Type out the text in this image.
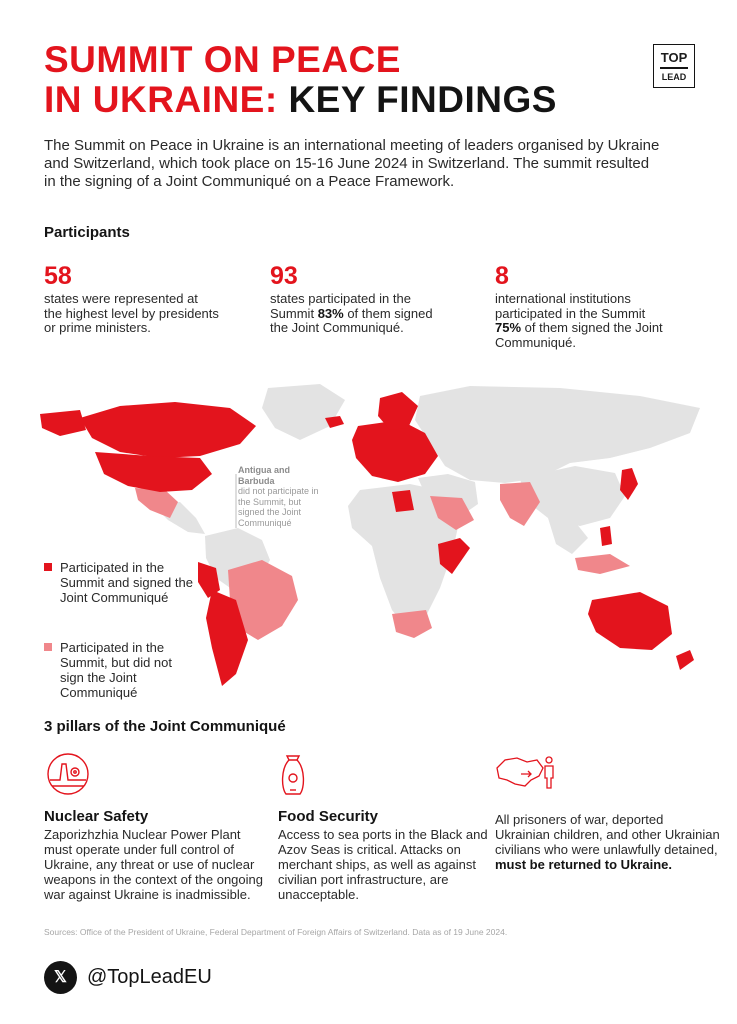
SUMMIT ON PEACE
IN UKRAINE: KEY FINDINGS
TOP
LEAD

The Summit on Peace in Ukraine is an international meeting of leaders organised by Ukraine and Switzerland, which took place on 15-16 June 2024 in Switzerland. The summit resulted in the signing of a Joint Communiqué on a Peace Framework.

Participants
58
states were represented at the highest level by presidents or prime ministers.
93
states participated in the Summit 83% of them signed the Joint Communiqué.
8
international institutions participated in the Summit 75% of them signed the Joint Communiqué.
Antigua and Barbuda
did not participate in the Summit, but signed the Joint Communiqué
Participated in the Summit and signed the Joint Communiqué
Participated in the Summit, but did not sign the Joint Communiqué
3 pillars of the Joint Communiqué
Nuclear Safety
Zaporizhzhia Nuclear Power Plant must operate under full control of Ukraine, any threat or use of nuclear weapons in the context of the ongoing war against Ukraine is inadmissible.
Food Security
Access to sea ports in the Black and Azov Seas is critical. Attacks on merchant ships, as well as against civilian port infrastructure, are unacceptable.
All prisoners of war, deported Ukrainian children, and other Ukrainian civilians who were unlawfully detained, must be returned to Ukraine.
Sources: Office of the President of Ukraine, Federal Department of Foreign Affairs of Switzerland. Data as of 19 June 2024.
𝕏	@TopLeadEU
